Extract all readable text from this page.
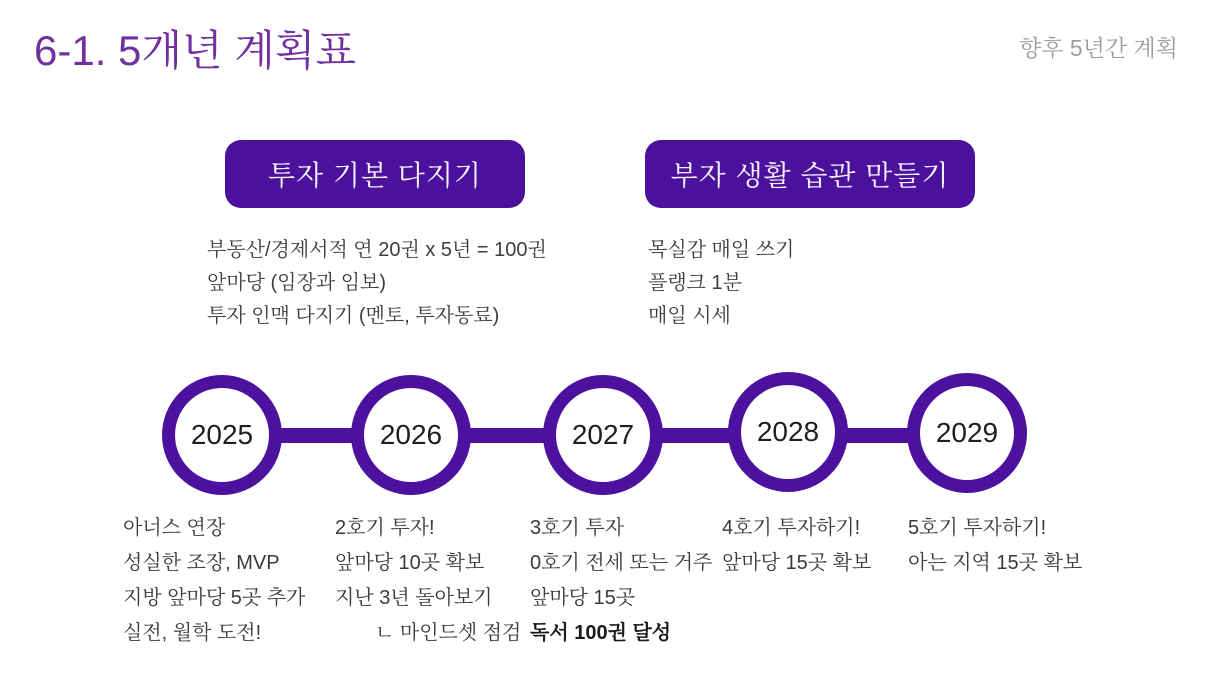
6-1. 5개년 계획표	향후 5년간 계획
투자 기본 다지기
부동산/경제서적 연 20권 x 5년 = 100권
앞마당 (임장과 임보)
투자 인맥 다지기 (멘토, 투자동료)
부자 생활 습관 만들기
목실감 매일 쓰기
플랭크 1분
매일 시세
2025	2026	2027	2028	2029
아너스 연장
성실한 조장, MVP
지방 앞마당 5곳 추가
실전, 월학 도전!
2호기 투자!
앞마당 10곳 확보
지난 3년 돌아보기
ㄴ 마인드셋 점검
3호기 투자
0호기 전세 또는 거주
앞마당 15곳
독서 100권 달성
4호기 투자하기!
앞마당 15곳 확보
5호기 투자하기!
아는 지역 15곳 확보
